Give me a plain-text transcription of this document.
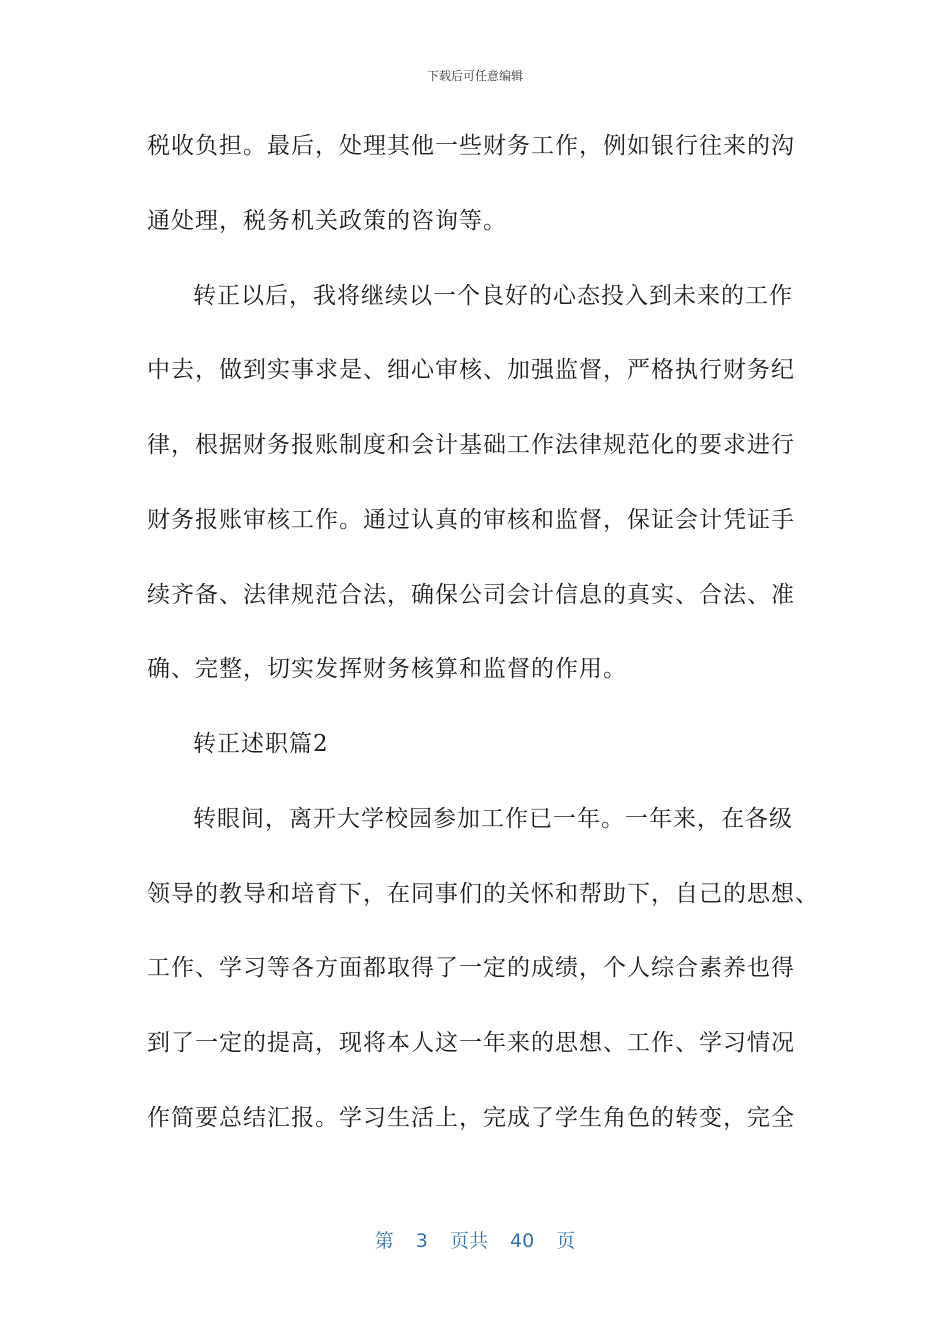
下载后可任意编辑
税收负担。最后，处理其他一些财务工作，例如银行往来的沟
通处理，税务机关政策的咨询等。
转正以后，我将继续以一个良好的心态投入到未来的工作
中去，做到实事求是、细心审核、加强监督，严格执行财务纪
律，根据财务报账制度和会计基础工作法律规范化的要求进行
财务报账审核工作。通过认真的审核和监督，保证会计凭证手
续齐备、法律规范合法，确保公司会计信息的真实、合法、准
确、完整，切实发挥财务核算和监督的作用。
转正述职篇2
转眼间，离开大学校园参加工作已一年。一年来，在各级
领导的教导和培育下，在同事们的关怀和帮助下，自己的思想、
工作、学习等各方面都取得了一定的成绩，个人综合素养也得
到了一定的提高，现将本人这一年来的思想、工作、学习情况
作简要总结汇报。学习生活上，完成了学生角色的转变，完全
第 3 页共 40 页
